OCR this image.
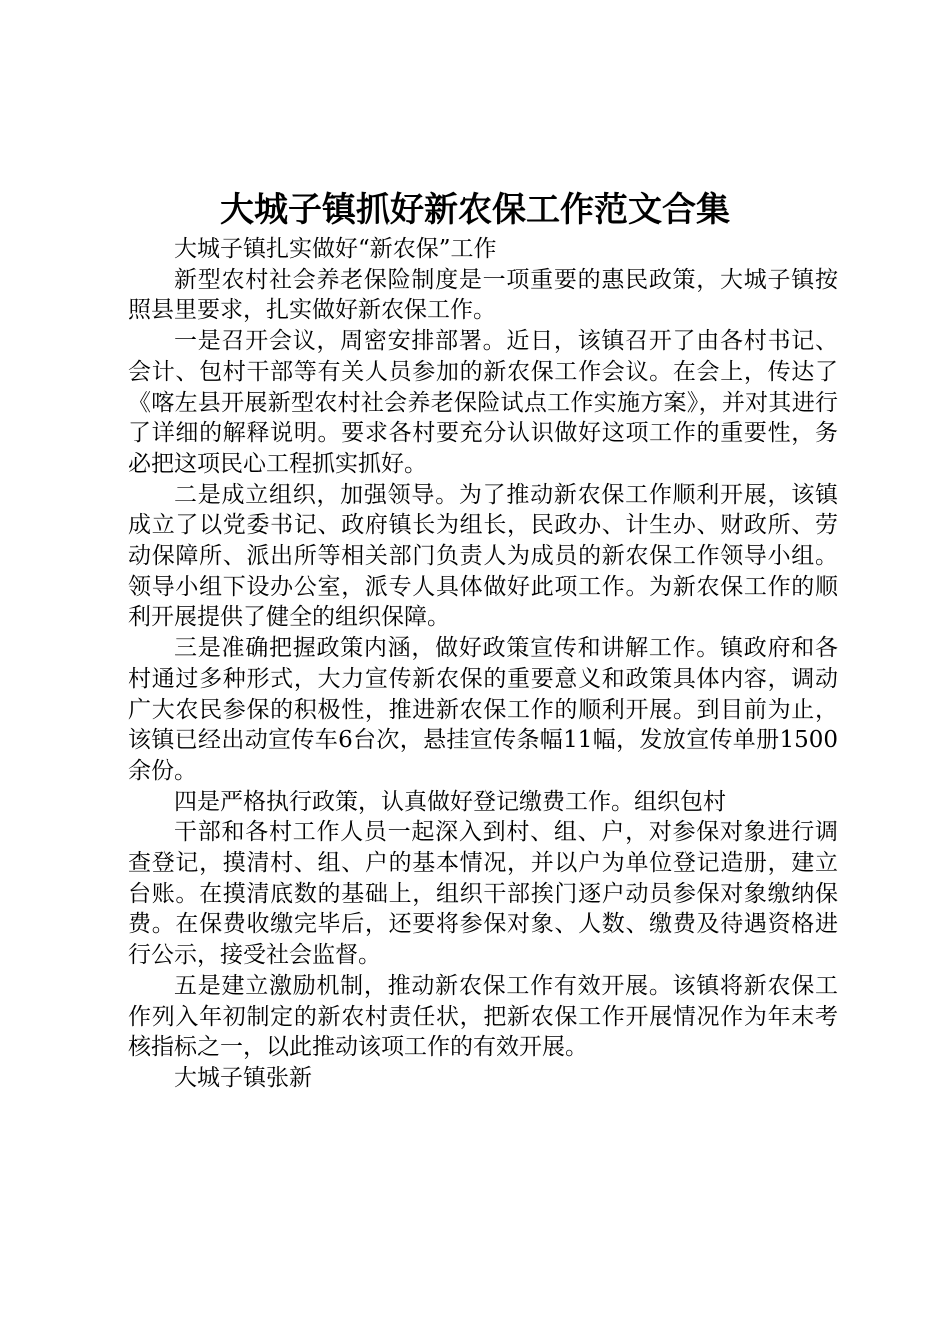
大城子镇抓好新农保工作范文合集

大城子镇扎实做好“新农保”工作

新型农村社会养老保险制度是一项重要的惠民政策，大城子镇按照县里要求，扎实做好新农保工作。

一是召开会议，周密安排部署。近日，该镇召开了由各村书记、会计、包村干部等有关人员参加的新农保工作会议。在会上，传达了《喀左县开展新型农村社会养老保险试点工作实施方案》，并对其进行了详细的解释说明。要求各村要充分认识做好这项工作的重要性，务必把这项民心工程抓实抓好。

二是成立组织，加强领导。为了推动新农保工作顺利开展，该镇成立了以党委书记、政府镇长为组长，民政办、计生办、财政所、劳动保障所、派出所等相关部门负责人为成员的新农保工作领导小组。领导小组下设办公室，派专人具体做好此项工作。为新农保工作的顺利开展提供了健全的组织保障。

三是准确把握政策内涵，做好政策宣传和讲解工作。镇政府和各村通过多种形式，大力宣传新农保的重要意义和政策具体内容，调动广大农民参保的积极性，推进新农保工作的顺利开展。到目前为止，该镇已经出动宣传车6台次，悬挂宣传条幅11幅，发放宣传单册1500余份。

四是严格执行政策，认真做好登记缴费工作。组织包村

干部和各村工作人员一起深入到村、组、户，对参保对象进行调查登记，摸清村、组、户的基本情况，并以户为单位登记造册，建立台账。在摸清底数的基础上，组织干部挨门逐户动员参保对象缴纳保费。在保费收缴完毕后，还要将参保对象、人数、缴费及待遇资格进行公示，接受社会监督。

五是建立激励机制，推动新农保工作有效开展。该镇将新农保工作列入年初制定的新农村责任状，把新农保工作开展情况作为年末考核指标之一，以此推动该项工作的有效开展。

大城子镇张新
